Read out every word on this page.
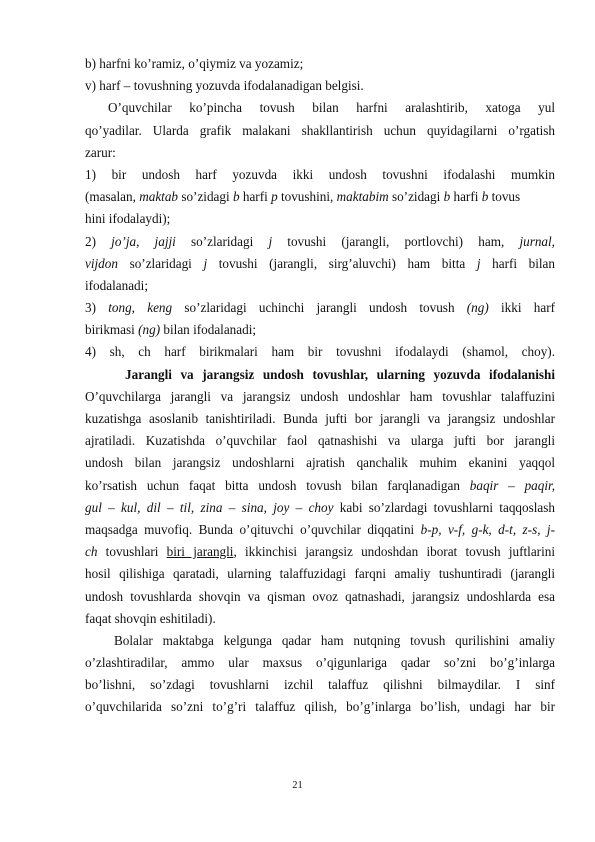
b) harfni ko’ramiz, o’qiymiz va yozamiz;
v) harf – tovushning yozuvda ifodalanadigan belgisi.
O’quvchilar ko’pincha tovush bilan harfni aralashtirib, xatoga yul
qo’yadilar. Ularda grafik malakani shakllantirish uchun quyidagilarni o’rgatish
zarur:
1) bir undosh harf yozuvda ikki undosh tovushni ifodalashi mumkin
(masalan, maktab so’zidagi b harfi p tovushini, maktabim so’zidagi b harfi b tovus
hini ifodalaydi);
2) jo’ja, jajji so’zlaridagi j tovushi (jarangli, portlovchi) ham, jurnal,
vijdon so’zlaridagi j tovushi (jarangli, sirg’aluvchi) ham bitta j harfi bilan
ifodalanadi;
3) tong, keng so’zlaridagi uchinchi jarangli undosh tovush (ng) ikki harf
birikmasi (ng) bilan ifodalanadi;
4) sh, ch harf birikmalari ham bir tovushni ifodalaydi (shamol, choy).
Jarangli va jarangsiz undosh tovushlar, ularning yozuvda ifodalanishi
O’quvchilarga jarangli va jarangsiz undosh undoshlar ham tovushlar talaffuzini
kuzatishga asoslanib tanishtiriladi. Bunda jufti bor jarangli va jarangsiz undoshlar
ajratiladi. Kuzatishda o’quvchilar faol qatnashishi va ularga jufti bor jarangli
undosh bilan jarangsiz undoshlarni ajratish qanchalik muhim ekanini yaqqol
ko’rsatish uchun faqat bitta undosh tovush bilan farqlanadigan baqir – paqir,
gul – kul, dil – til, zina – sina, joy – choy kabi so’zlardagi tovushlarni taqqoslash
maqsadga muvofiq. Bunda o’qituvchi o’quvchilar diqqatini b-p, v-f, g-k, d-t, z-s, j-
ch tovushlari biri jarangli, ikkinchisi jarangsiz undoshdan iborat tovush juftlarini
hosil qilishiga qaratadi, ularning talaffuzidagi farqni amaliy tushuntiradi (jarangli
undosh tovushlarda shovqin va qisman ovoz qatnashadi, jarangsiz undoshlarda esa
faqat shovqin eshitiladi).
Bolalar maktabga kelgunga qadar ham nutqning tovush qurilishini amaliy
o’zlashtiradilar, ammo ular maxsus o’qigunlariga qadar so’zni bo’g’inlarga
bo’lishni, so’zdagi tovushlarni izchil talaffuz qilishni bilmaydilar. I sinf
o’quvchilarida so’zni to’g’ri talaffuz qilish, bo’g’inlarga bo’lish, undagi har bir
21
